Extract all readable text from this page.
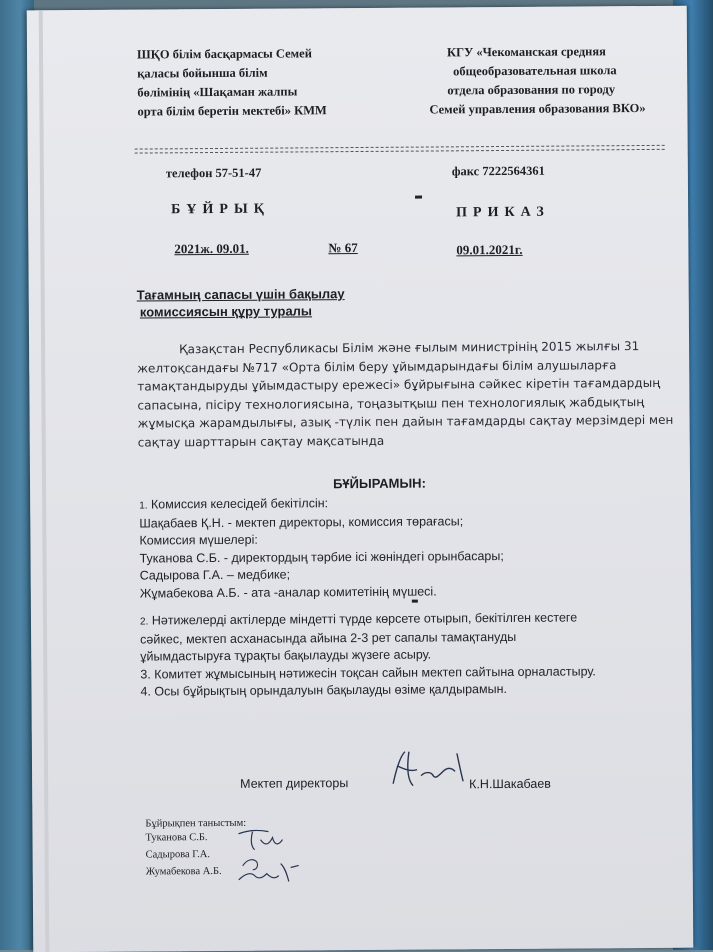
ШҚО білім басқармасы Семей
қаласы бойынша білім
бөлімінің «Шақаман жалпы
орта білім беретін мектебі» КММ
КГУ «Чекоманская средняя
общеобразовательная школа
отдела образования по городу
Семей управления образования ВКО»
телефон 57-51-47	факс 7222564361
БҰЙРЫҚ	ПРИКАЗ
2021ж. 09.01.	№ 67	09.01.2021г.
Тағамның сапасы үшін бақылау
комиссиясын құру туралы
Қазақстан Республикасы Білім және ғылым министрінің 2015 жылғы 31 желтоқсандағы №717 «Орта білім беру ұйымдарындағы білім алушыларға тамақтандыруды ұйымдастыру ережесі» бұйрығына сәйкес кіретін тағамдардың сапасына, пісіру технологиясына, тоңазытқыш пен технологиялық жабдықтың жұмысқа жарамдылығы, азық -түлік пен дайын тағамдарды сақтау мерзімдері мен сақтау шарттарын сақтау мақсатында
БҰЙЫРАМЫН:
1. Комиссия келесідей бекітілсін:
Шақабаев Қ.Н. - мектеп директоры, комиссия төрағасы;
Комиссия мүшелері:
Туканова С.Б. - директордың тәрбие ісі жөніндегі орынбасары;
Садырова Г.А. – медбике;
Жұмабекова А.Б. - ата -аналар комитетінің мүшесі.
2. Нәтижелерді актілерде міндетті түрде көрсете отырып, бекітілген кестеге сәйкес, мектеп асханасында айына 2-3 рет сапалы тамақтануды ұйымдастыруға тұрақты бақылауды жүзеге асыру.
3. Комитет жұмысының нәтижесін тоқсан сайын мектеп сайтына орналастыру.
4. Осы бұйрықтың орындалуын бақылауды өзіме қалдырамын.
Мектеп директоры	К.Н.Шакабаев
Бұйрықпен таныстым:
Туканова С.Б.
Садырова Г.А.
Жумабекова А.Б.
